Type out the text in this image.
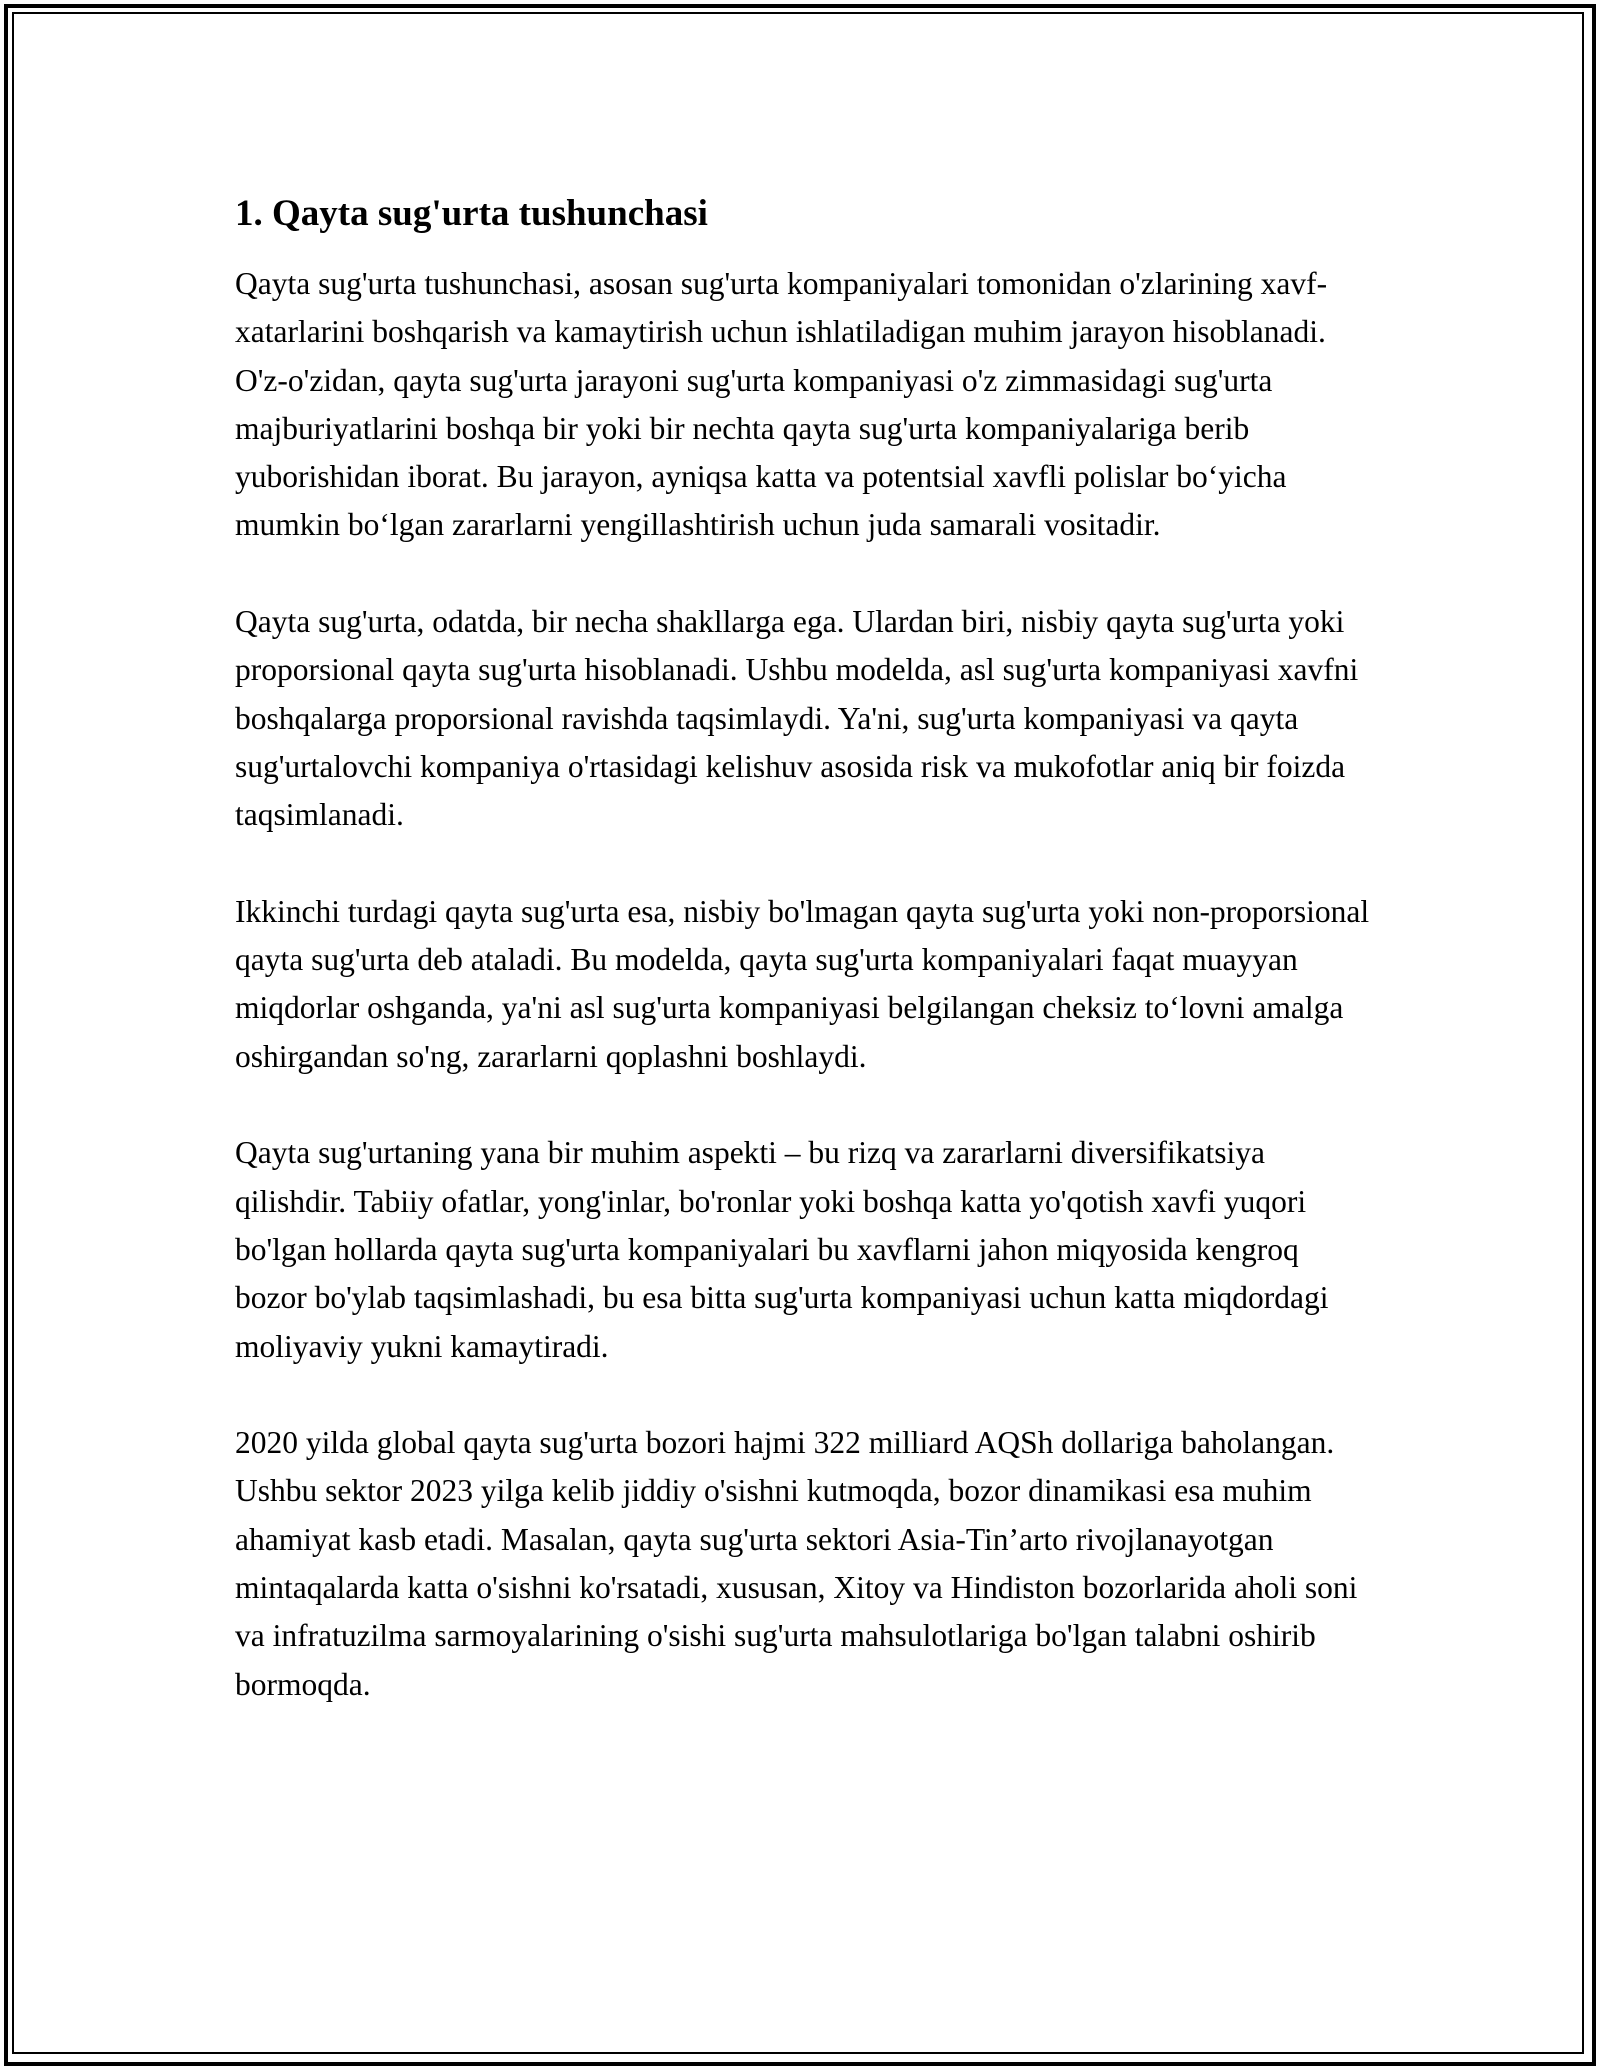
1. Qayta sug'urta tushunchasi

Qayta sug'urta tushunchasi, asosan sug'urta kompaniyalari tomonidan o'zlarining xavf-xatarlarini boshqarish va kamaytirish uchun ishlatiladigan muhim jarayon hisoblanadi. O'z-o'zidan, qayta sug'urta jarayoni sug'urta kompaniyasi o'z zimmasidagi sug'urta majburiyatlarini boshqa bir yoki bir nechta qayta sug'urta kompaniyalariga berib yuborishidan iborat. Bu jarayon, ayniqsa katta va potentsial xavfli polislar bo‘yicha mumkin bo‘lgan zararlarni yengillashtirish uchun juda samarali vositadir.

Qayta sug'urta, odatda, bir necha shakllarga ega. Ulardan biri, nisbiy qayta sug'urta yoki proporsional qayta sug'urta hisoblanadi. Ushbu modelda, asl sug'urta kompaniyasi xavfni boshqalarga proporsional ravishda taqsimlaydi. Ya'ni, sug'urta kompaniyasi va qayta sug'urtalovchi kompaniya o'rtasidagi kelishuv asosida risk va mukofotlar aniq bir foizda taqsimlanadi.

Ikkinchi turdagi qayta sug'urta esa, nisbiy bo'lmagan qayta sug'urta yoki non-proporsional qayta sug'urta deb ataladi. Bu modelda, qayta sug'urta kompaniyalari faqat muayyan miqdorlar oshganda, ya'ni asl sug'urta kompaniyasi belgilangan cheksiz to‘lovni amalga oshirgandan so'ng, zararlarni qoplashni boshlaydi.

Qayta sug'urtaning yana bir muhim aspekti – bu rizq va zararlarni diversifikatsiya qilishdir. Tabiiy ofatlar, yong'inlar, bo'ronlar yoki boshqa katta yo'qotish xavfi yuqori bo'lgan hollarda qayta sug'urta kompaniyalari bu xavflarni jahon miqyosida kengroq bozor bo'ylab taqsimlashadi, bu esa bitta sug'urta kompaniyasi uchun katta miqdordagi moliyaviy yukni kamaytiradi.

2020 yilda global qayta sug'urta bozori hajmi 322 milliard AQSh dollariga baholangan. Ushbu sektor 2023 yilga kelib jiddiy o'sishni kutmoqda, bozor dinamikasi esa muhim ahamiyat kasb etadi. Masalan, qayta sug'urta sektori Asia-Tin’arto rivojlanayotgan mintaqalarda katta o'sishni ko'rsatadi, xususan, Xitoy va Hindiston bozorlarida aholi soni va infratuzilma sarmoyalarining o'sishi sug'urta mahsulotlariga bo'lgan talabni oshirib bormoqda.
